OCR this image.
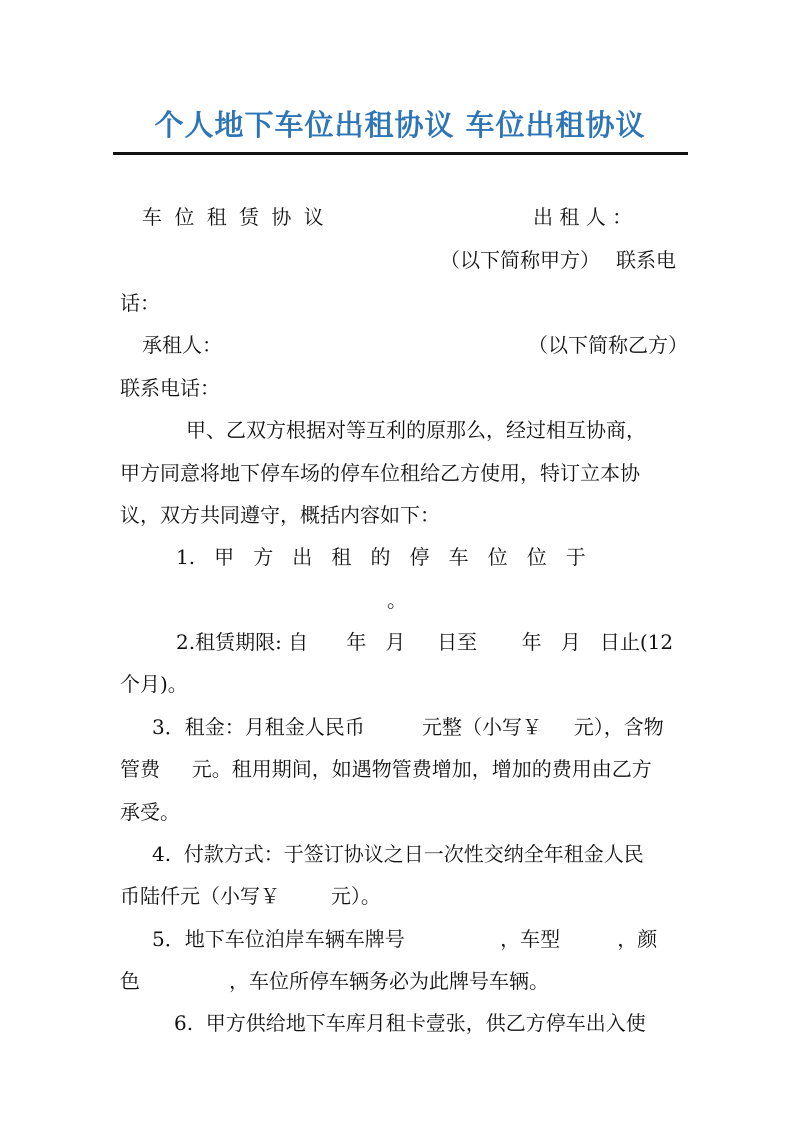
个人地下车位出租协议 车位出租协议
车 位 租 赁 协 议	出 租 人 ：
（以下简称甲方） 联系电
话：
承租人：	（以下简称乙方）
联系电话：
甲、乙双方根据对等互利的原那么，经过相互协商，
甲方同意将地下停车场的停车位租给乙方使用，特订立本协
议，双方共同遵守，概括内容如下：
1.   甲   方   出   租   的   停   车   位   位   于
。
2.租赁期限: 自      年   月     日至       年   月   日止(12
个月)。
3．租金：月租金人民币         元整（小写￥     元），含物
管费     元。租用期间，如遇物管费增加，增加的费用由乙方
承受。
4.  付款方式：于签订协议之日一次性交纳全年租金人民
币陆仟元（小写￥        元）。
5．地下车位泊岸车辆车牌号               ，车型         ，颜
色              ，车位所停车辆务必为此牌号车辆。
6.  甲方供给地下车库月租卡壹张，供乙方停车出入使
